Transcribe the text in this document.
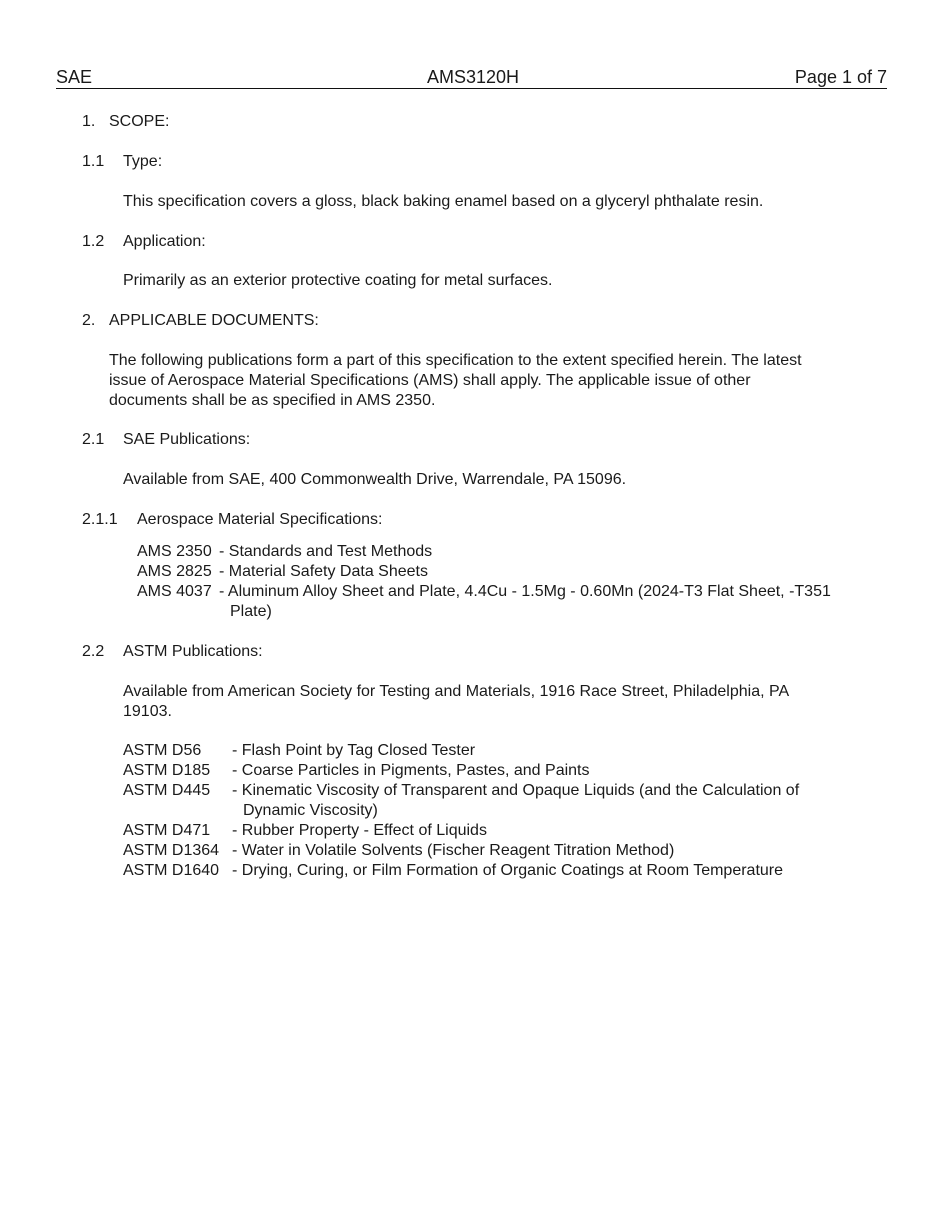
SAE	AMS3120H	Page 1 of 7
1. SCOPE:
1.1 Type:
This specification covers a gloss, black baking enamel based on a glyceryl phthalate resin.
1.2 Application:
Primarily as an exterior protective coating for metal surfaces.
2. APPLICABLE DOCUMENTS:
The following publications form a part of this specification to the extent specified herein. The latest
issue of Aerospace Material Specifications (AMS) shall apply. The applicable issue of other
documents shall be as specified in AMS 2350.
2.1 SAE Publications:
Available from SAE, 400 Commonwealth Drive, Warrendale, PA 15096.
2.1.1 Aerospace Material Specifications:
AMS 2350 - Standards and Test Methods
AMS 2825 - Material Safety Data Sheets
AMS 4037 - Aluminum Alloy Sheet and Plate, 4.4Cu - 1.5Mg - 0.60Mn (2024-T3 Flat Sheet, -T351
Plate)
2.2 ASTM Publications:
Available from American Society for Testing and Materials, 1916 Race Street, Philadelphia, PA
19103.
ASTM D56 - Flash Point by Tag Closed Tester
ASTM D185 - Coarse Particles in Pigments, Pastes, and Paints
ASTM D445 - Kinematic Viscosity of Transparent and Opaque Liquids (and the Calculation of
Dynamic Viscosity)
ASTM D471 - Rubber Property - Effect of Liquids
ASTM D1364 - Water in Volatile Solvents (Fischer Reagent Titration Method)
ASTM D1640 - Drying, Curing, or Film Formation of Organic Coatings at Room Temperature
